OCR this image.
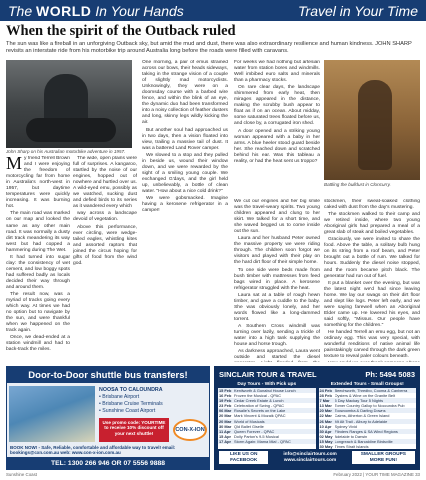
The WORLD In Your Hands	Travel in Your Time
When the spirit of the Outback ruled

The sun was like a fireball in an unforgiving Outback sky, but amid the mud and dust, there was also extraordinary resilience and human kindness. JOHN SHARP revisits an interstate ride from his motorbike trip around Australia long before the roads were filled with caravans.

John Sharp on his Australian motorbike adventure in 1957.
M y friend Terrell Brown and I were enjoying the freedom of motorcycling far from home in Australia's north-west in 1957, but daytime temperatures were quickly increasing. It was burning hot.

The main road was marked on our map and looked the same as any other main road. It was normally a dusty dirt track meandering its way west but had copped a hammering during The Wet.

It had turned into sugar clay: the consistency of wet cement, and low boggy spots had suffered badly as locals decided their way through and around them.

The result now, was a myriad of tracks going every which way. At times we had no option but to navigate by the sun, and were thankful when we happened on the track again.

Once, we dead-ended at a station windmill and had to back-track the miles.

The wide, open plains were full of surprises. A kangaroo, startled by the noise of our engines, hopped out of nowhere and hurtled over us. A wild-eyed emu, possibly as we watched, sucking dust and defied birds to its series as it wandered every which

way across a landscape devoid of vegetation.

Above this performance, ever circling, were wedge-tailed eagles, whistling kites and assorted raptors that joined the circus hoping for gifts of food from the wind god.

One morning, a pair of emus strained across our bows, their heads sideways, taking in the strange vision of a couple of slightly mad motorcyclists. Unknowingly, they were on a doomsday course with a barbed wire fence, and within the blink of an eye, the dynamic duo had been transformed into a noisy collection of feather dusters and long, skinny legs wildly kicking the air.

But another soul had approached us in two days, then a vision floated into view, trailing a massive tail of dust. It was a battered Land Rover camper.

We slowed to a stop and they pulled in beside us, wound their window down, and we were rewarded by the sight of a smiling young couple. We exchanged G'days, and the girl held up, unbelievably, a bottle of clean water. "How about a nice cold drink?"

We were gobsmacked. Imagine having a kerosene refrigerator in a camper!

For weeks we had nothing but artesian water from station bores and windmills. Well imbibed euro salts and minerals than a pharmacy stocks.

On rare clear days, the landscape shimmered from early heat, then mirages appeared in the distance, making the scrubby bush appear to float as if on an ocean. About midday, some saturated trees floated before us, and close by, a corrugated iron shed.

A door opened and a striking young woman appeared with a baby in her arms. A blue heeler stood guard beside her. She reached down and scratched behind his ear. Was this tableau a reality, or had the heat sent us troppo?

We cut our engines and her big smile was the travel-weary spirits. Two young children appeared and clung to her skirt. We talked for a short time, and she waved begged us to come inside out the sun.

Laura and her husband Peter owned the massive property we were riding through. The children soon forgot we visitors and played with their play on the hard dirt floor of their simple home.

To one side were beds made from bush timber with mattresses from feed bags wired in place. A kerosene refrigerator struggled with the heat.

Laura sat at a table of rough hewn timber, and gave a cuddle to the baby. She was obviously lonely, and her words flowed like a long-dammed torrent.

A Southern Cross windmill was turning over lazily, sending a trickle of water into a high tank supplying the house and horse trough.

As darkness approached, Laura went outside and started the diesel

Battling the bulldust in Cloncurry.

stockmen, their sweat-soaked clothing caked with dust from the day's mustering.

The stockmen walked to their camp and we retired inside, where two young Aboriginal girls had prepared a meal of a great slab of steak and boiled vegetables.

Graciously, we were invited to share the food. Above the table, a solitary bulb hung on its string from a roof beam, and Peter brought out a bottle of rum. We talked for hours. Suddenly the diesel noise stopped, and the room became pitch black. The generator had run out of fuel.

It put a blanket over the evening, but was the latest night we'd had since leaving home. We lay our swags on their dirt floor and slept like logs. Peter left early, and we were saying farewell when an Aboriginal Elder came up. He lowered his eyes, and said softly, "Missus. Our people have something for the children."

He handed Terrell an emu egg, but not an ordinary egg. This was very special, with wonderful renditions of native animal life painstakingly carved through the dark green texture to reveal paler colours beneath.

Door-to-Door shuttle bus transfers!
NOOSA TO CALOUNDRA
• Brisbane Airport
• Brisbane Cruise Terminals
• Sunshine Coast Airport
Use promo code: YOURTIME to receive 10% discount off your next shuttle!
CON-X-ION
BOOK NOW! - Safe, Reliable, comfortable and affordable way to travel! email: bookings@cxn.com.au web: www.con-x-ion.com.au
TEL: 1300 266 946 OR 07 5556 9888
SINCLAIR TOUR & TRAVEL	Ph: 5494 5083
Day Tours - With Pick ups
15 Feb Kenilworth & Gunabul House Lunch
16 Feb Frozen the Musical - QPAC
19 Feb Cedar Creek Estate & Lunch
23 Feb Celebration of Swing - QPAC
06 Mar Rosalie's Secrets on the Lake
20 Mar Mark Vincent & Mozaik QPAC
20 Mar World of Musicals
30 Mar Qld Ballet Giselle
11 Apr Queen Forever - QPAC
15 Apr Dolly Parton's 9-5 Musical
17 Apr Storm Again: Mama Mia! - QPAC
Extended Tours - Small Groups!
24 Feb Beechworth, Thredbo, Cooma & Canberra
28 Feb Oysters & Wine on the Granite Belt
7 Mar	5 Day Mackay Tour 5 Nights
13 Mar Tomer Country Gallop to Noccundra Pub
20 Mar Toowoomba & Darling Downs
22 Mar Cairns, Atherton & Green Island
26 Mar Mt Alt Trail - Albury to Adelaide
10 Apr Sydney Vivid
30 Apr Flinders Ranges & SA Wind Regions
02 May Adelaide to Darwin
15 May Longreach & Barcaldine Birdsville
30 May Times Strait Islands
LIKE US ON FACEBOOK
info@sinclairtours.com www.sinclairtours.com
SMALLER GROUPS MORE FUN!
Sunshine Coast	February 2022 | YOUR TIME MAGAZINE 33
